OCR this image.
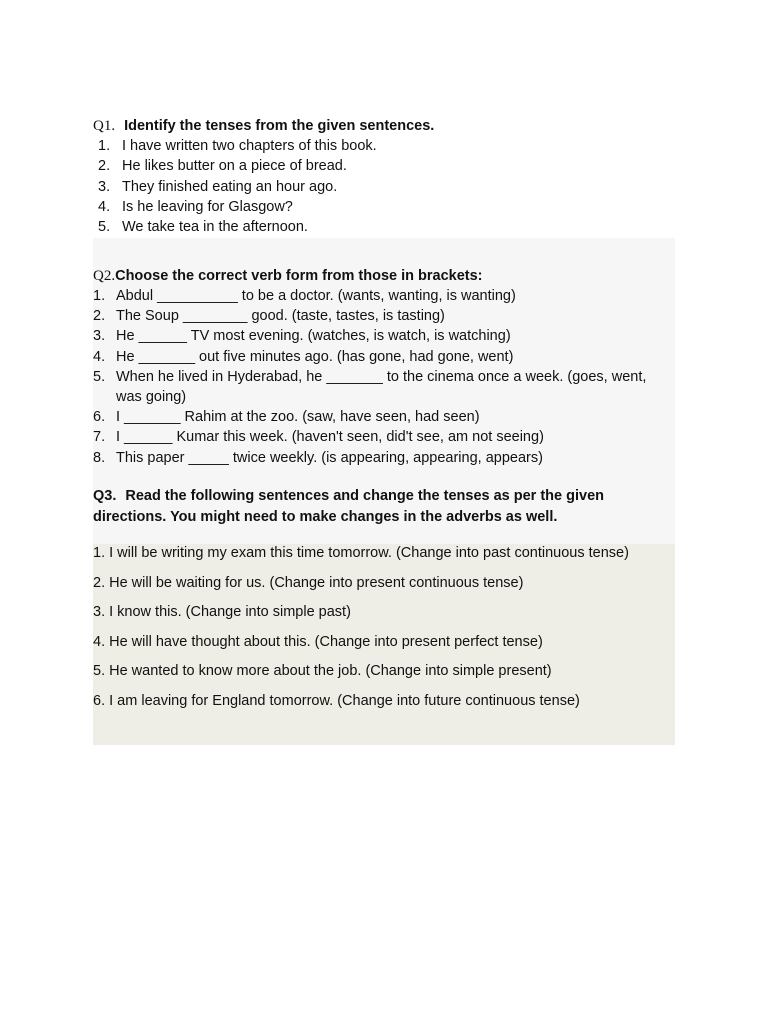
Q1. Identify the tenses from the given sentences.
1. I have written two chapters of this book.
2. He likes butter on a piece of bread.
3. They finished eating an hour ago.
4. Is he leaving for Glasgow?
5. We take tea in the afternoon.
Q2.Choose the correct verb form from those in brackets:
1. Abdul __________ to be a doctor. (wants, wanting, is wanting)
2. The Soup ________ good. (taste, tastes, is tasting)
3. He ______ TV most evening. (watches, is watch, is watching)
4. He _______ out five minutes ago. (has gone, had gone, went)
5. When he lived in Hyderabad, he _______ to the cinema once a week. (goes, went, was going)
6. I _______ Rahim at the zoo. (saw, have seen, had seen)
7. I ______ Kumar this week. (haven't seen, did't see, am not seeing)
8. This paper _____ twice weekly. (is appearing, appearing, appears)
Q3. Read the following sentences and change the tenses as per the given directions. You might need to make changes in the adverbs as well.
1. I will be writing my exam this time tomorrow. (Change into past continuous tense)
2. He will be waiting for us. (Change into present continuous tense)
3. I know this. (Change into simple past)
4. He will have thought about this. (Change into present perfect tense)
5. He wanted to know more about the job. (Change into simple present)
6. I am leaving for England tomorrow. (Change into future continuous tense)
